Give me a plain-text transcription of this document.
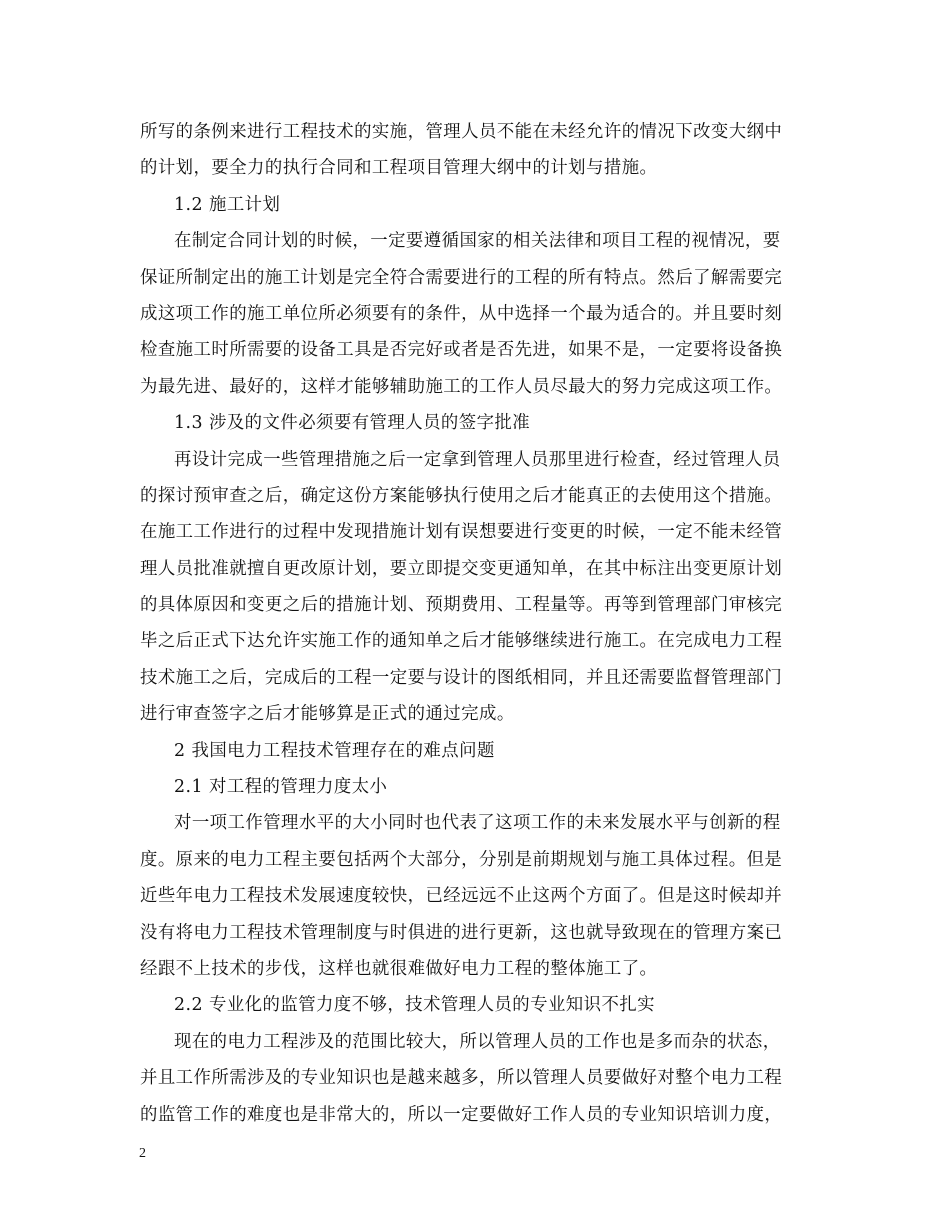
所写的条例来进行工程技术的实施，管理人员不能在未经允许的情况下改变大纲中
的计划，要全力的执行合同和工程项目管理大纲中的计划与措施。
1.2 施工计划
在制定合同计划的时候，一定要遵循国家的相关法律和项目工程的视情况，要
保证所制定出的施工计划是完全符合需要进行的工程的所有特点。然后了解需要完
成这项工作的施工单位所必须要有的条件，从中选择一个最为适合的。并且要时刻
检查施工时所需要的设备工具是否完好或者是否先进，如果不是，一定要将设备换
为最先进、最好的，这样才能够辅助施工的工作人员尽最大的努力完成这项工作。
1.3 涉及的文件必须要有管理人员的签字批准
再设计完成一些管理措施之后一定拿到管理人员那里进行检查，经过管理人员
的探讨预审查之后，确定这份方案能够执行使用之后才能真正的去使用这个措施。
在施工工作进行的过程中发现措施计划有误想要进行变更的时候，一定不能未经管
理人员批准就擅自更改原计划，要立即提交变更通知单，在其中标注出变更原计划
的具体原因和变更之后的措施计划、预期费用、工程量等。再等到管理部门审核完
毕之后正式下达允许实施工作的通知单之后才能够继续进行施工。在完成电力工程
技术施工之后，完成后的工程一定要与设计的图纸相同，并且还需要监督管理部门
进行审查签字之后才能够算是正式的通过完成。
2 我国电力工程技术管理存在的难点问题
2.1 对工程的管理力度太小
对一项工作管理水平的大小同时也代表了这项工作的未来发展水平与创新的程
度。原来的电力工程主要包括两个大部分，分别是前期规划与施工具体过程。但是
近些年电力工程技术发展速度较快，已经远远不止这两个方面了。但是这时候却并
没有将电力工程技术管理制度与时俱进的进行更新，这也就导致现在的管理方案已
经跟不上技术的步伐，这样也就很难做好电力工程的整体施工了。
2.2 专业化的监管力度不够，技术管理人员的专业知识不扎实
现在的电力工程涉及的范围比较大，所以管理人员的工作也是多而杂的状态，
并且工作所需涉及的专业知识也是越来越多，所以管理人员要做好对整个电力工程
的监管工作的难度也是非常大的，所以一定要做好工作人员的专业知识培训力度，
2
